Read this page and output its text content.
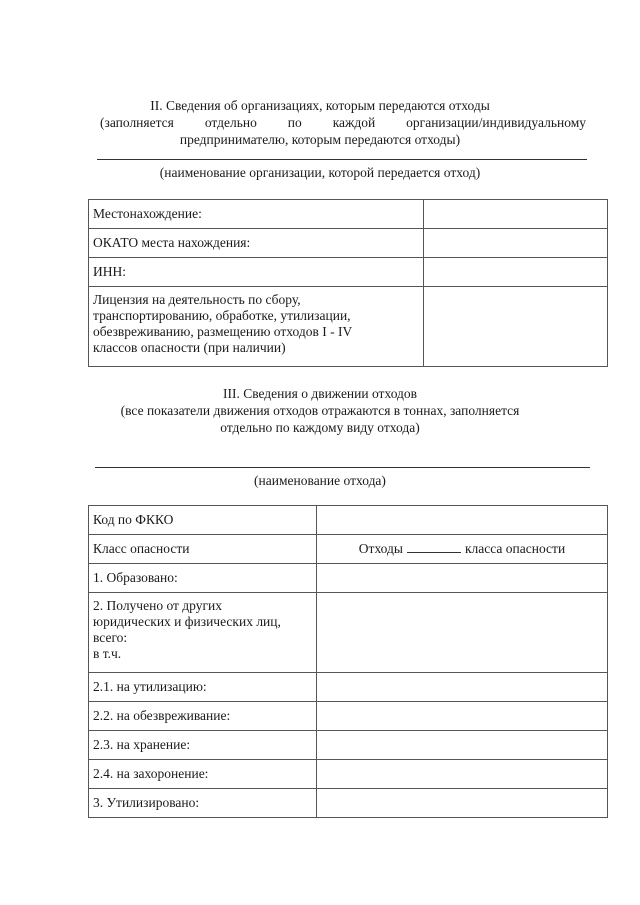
II. Сведения об организациях, которым передаются отходы
(заполняется отдельно по каждой организации/индивидуальному
предпринимателю, которым передаются отходы)
(наименование организации, которой передается отход)
Местонахождение:	
ОКАТО места нахождения:	
ИНН:	

Лицензия на деятельность по сбору,
транспортированию, обработке, утилизации,
обезвреживанию, размещению отходов I - IV
классов опасности (при наличии)	

III. Сведения о движении отходов
(все показатели движения отходов отражаются в тоннах, заполняется
отдельно по каждому виду отхода)
(наименование отхода)
Код по ФККО	
Класс опасности	Отходы класса опасности
1. Образовано:	

2. Получено от других
юридических и физических лиц,
всего:
в т.ч.	

2.1. на утилизацию:	
2.2. на обезвреживание:	
2.3. на хранение:	
2.4. на захоронение:	
3. Утилизировано:	
